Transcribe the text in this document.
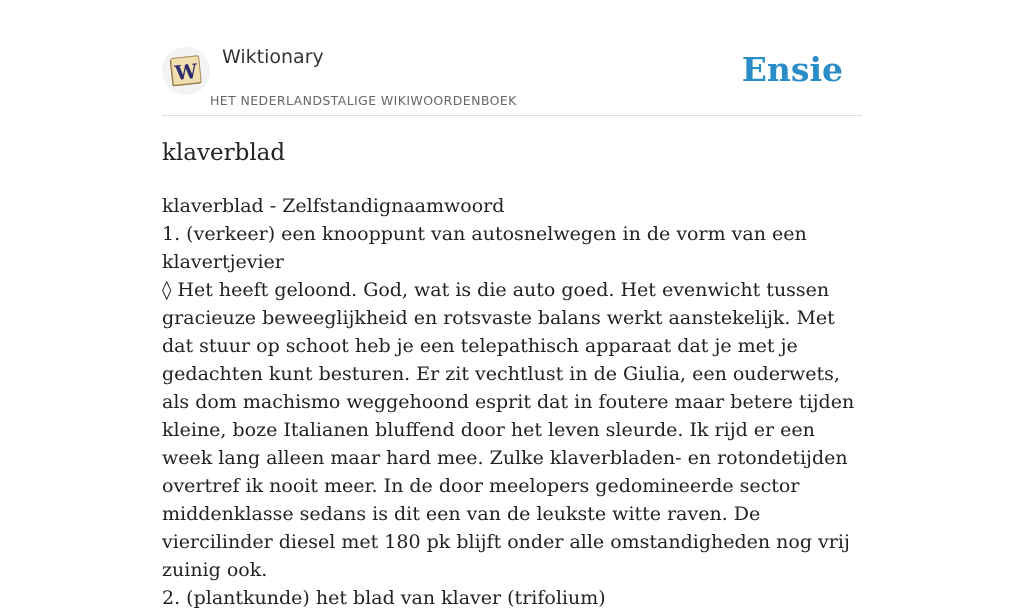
W
Wiktionary
HET NEDERLANDSTALIGE WIKIWOORDENBOEK
Ensie
klaverblad
klaverblad - Zelfstandignaamwoord
1. (verkeer) een knooppunt van autosnelwegen in de vorm van een klavertjevier
◊ Het heeft geloond. God, wat is die auto goed. Het evenwicht tussen gracieuze beweeglijkheid en rotsvaste balans werkt aanstekelijk. Met dat stuur op schoot heb je een telepathisch apparaat dat je met je gedachten kunt besturen. Er zit vechtlust in de Giulia, een ouderwets, als dom machismo weggehoond esprit dat in foutere maar betere tijden kleine, boze Italianen bluffend door het leven sleurde. Ik rijd er een week lang alleen maar hard mee. Zulke klaverbladen- en rotondetijden overtref ik nooit meer. In de door meelopers gedomineerde sector middenklasse sedans is dit een van de leukste witte raven. De viercilinder diesel met 180 pk blijft onder alle omstandigheden nog vrij zuinig ook.
2. (plantkunde) het blad van klaver (trifolium)
